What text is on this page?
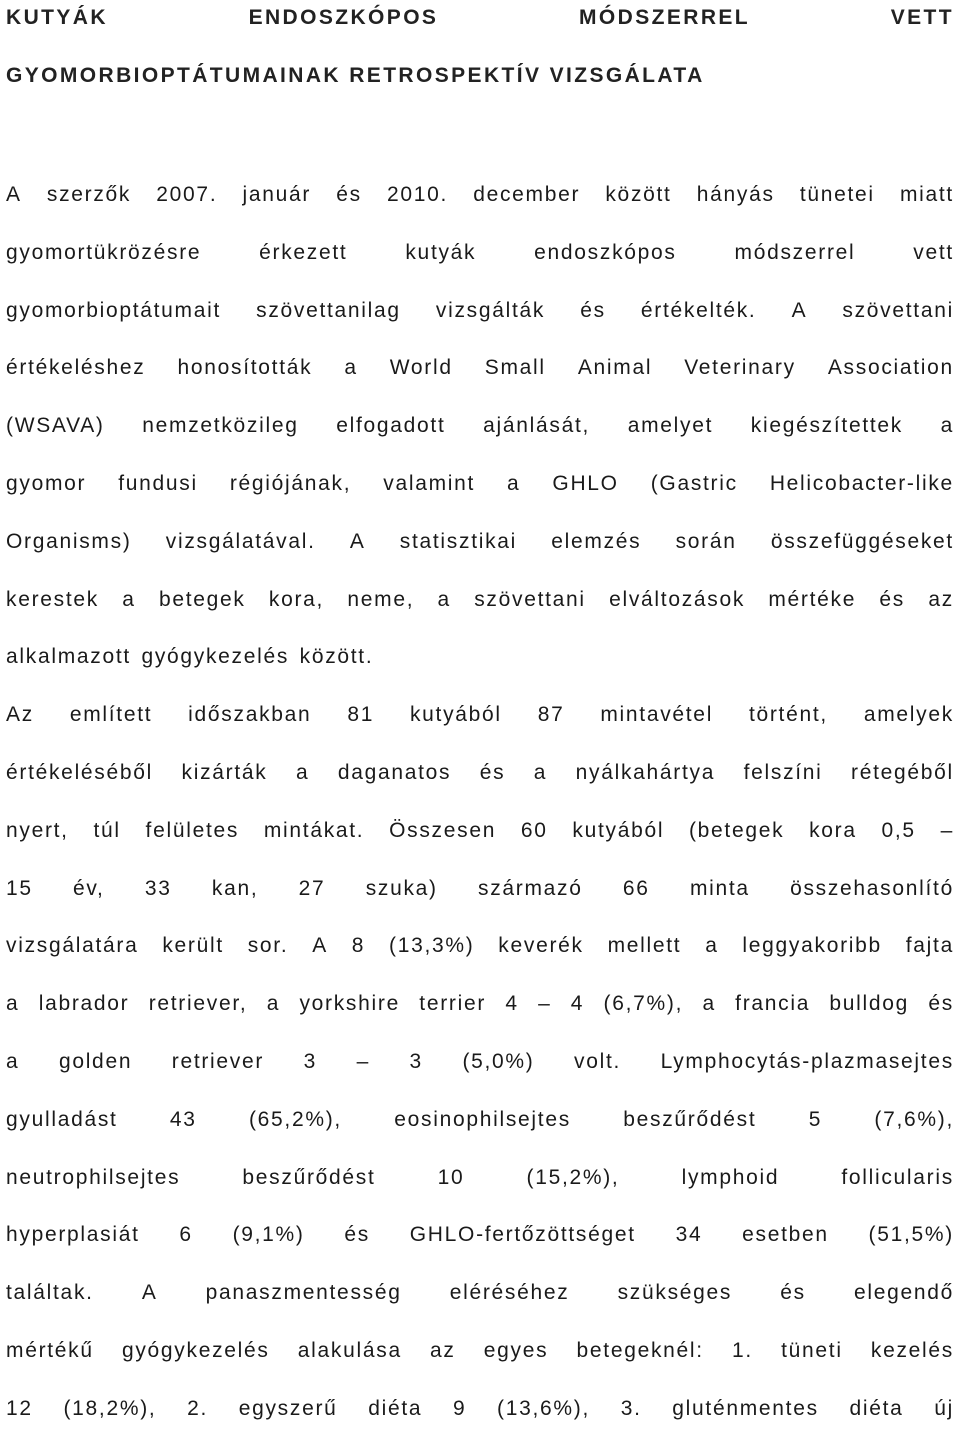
KUTYÁK	ENDOSZKÓPOS	MÓDSZERREL	VETT
GYOMORBIOPTÁTUMAINAK RETROSPEKTÍV VIZSGÁLATA
A szerzők 2007. január és 2010. december között hányás tünetei miatt
gyomortükrözésre	érkezett	kutyák	endoszkópos	módszerrel	vett
gyomorbioptátumait szövettanilag vizsgálták és értékelték. A szövettani
értékeléshez honosították a World Small Animal Veterinary Association
(WSAVA) nemzetközileg elfogadott ajánlását, amelyet kiegészítettek a
gyomor fundusi régiójának, valamint a GHLO (Gastric Helicobacter-like
Organisms) vizsgálatával. A statisztikai elemzés során összefüggéseket
kerestek a betegek kora, neme, a szövettani elváltozások mértéke és az
alkalmazott gyógykezelés között.
Az említett időszakban 81 kutyából 87 mintavétel történt, amelyek
értékeléséből kizárták a daganatos és a nyálkahártya felszíni rétegéből
nyert, túl felületes mintákat. Összesen 60 kutyából (betegek kora 0,5 –
15 év, 33 kan, 27 szuka) származó 66 minta összehasonlító
vizsgálatára került sor. A 8 (13,3%) keverék mellett a leggyakoribb fajta
a labrador retriever, a yorkshire terrier 4 – 4 (6,7%), a francia bulldog és
a golden retriever 3 – 3 (5,0%) volt. Lymphocytás-plazmasejtes
gyulladást 43 (65,2%), eosinophilsejtes beszűrődést 5 (7,6%),
neutrophilsejtes	beszűrődést	10	(15,2%),	lymphoid	follicularis
hyperplasiát 6 (9,1%) és GHLO-fertőzöttséget 34 esetben (51,5%)
találtak. A panaszmentesség eléréséhez szükséges és elegendő
mértékű gyógykezelés alakulása az egyes betegeknél: 1. tüneti kezelés
12 (18,2%), 2. egyszerű diéta 9 (13,6%), 3. gluténmentes diéta új
